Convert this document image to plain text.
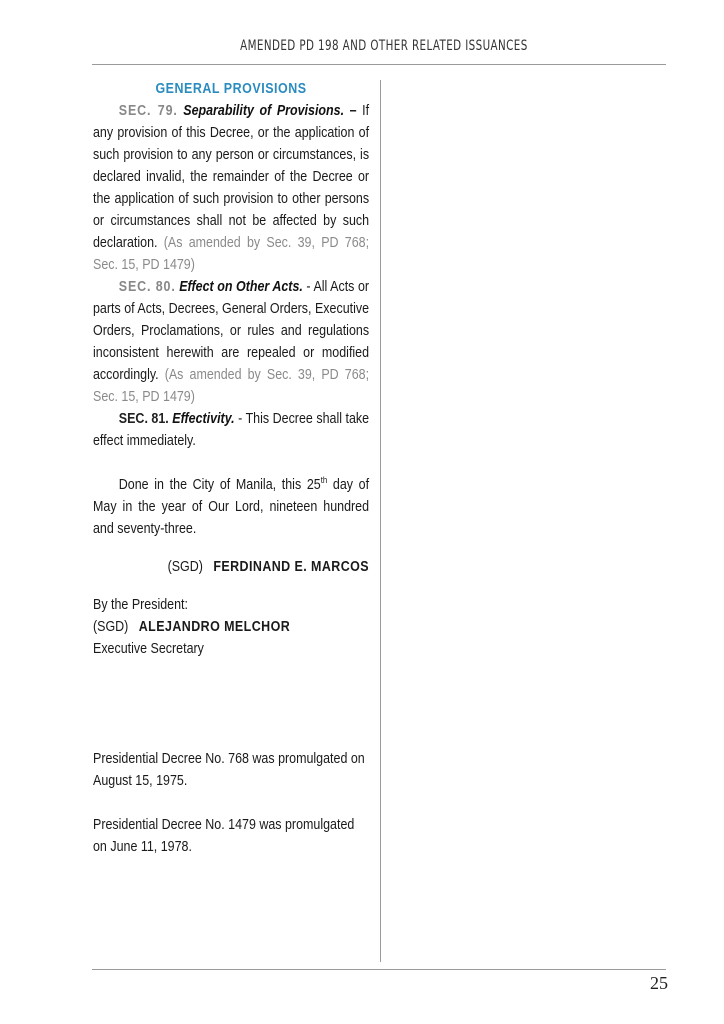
AMENDED PD 198 AND OTHER RELATED ISSUANCES
GENERAL PROVISIONS

SEC. 79. Separability of Provisions. – If any provision of this Decree, or the application of such provision to any person or circumstances, is declared invalid, the remainder of the Decree or the application of such provision to other persons or circumstances shall not be affected by such declaration. (As amended by Sec. 39, PD 768; Sec. 15, PD 1479)

SEC. 80. Effect on Other Acts. - All Acts or parts of Acts, Decrees, General Orders, Executive Orders, Proclamations, or rules and regulations inconsistent herewith are repealed or modified accordingly. (As amended by Sec. 39, PD 768; Sec. 15, PD 1479)

SEC. 81. Effectivity. - This Decree shall take effect immediately.

Done in the City of Manila, this 25th day of May in the year of Our Lord, nineteen hundred and seventy-three.

(SGD) FERDINAND E. MARCOS
By the President:
(SGD) ALEJANDRO MELCHOR
Executive Secretary

Presidential Decree No. 768 was promulgated on August 15, 1975.

Presidential Decree No. 1479 was promulgated on June 11, 1978.

25
